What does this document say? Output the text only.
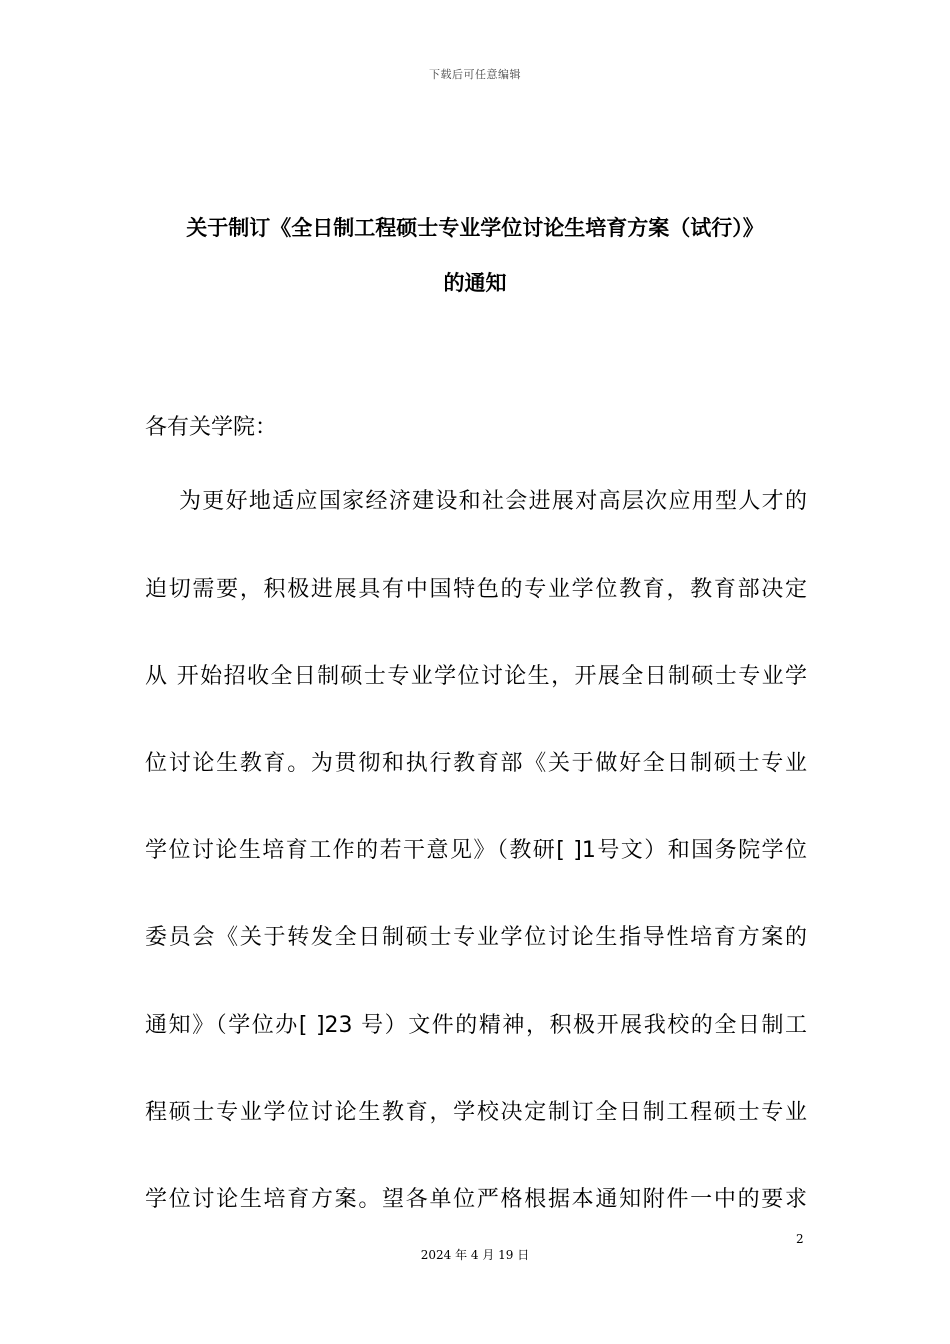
下载后可任意编辑
关于制订《全日制工程硕士专业学位讨论生培育方案（试行）》
的通知
各有关学院：
为更好地适应国家经济建设和社会进展对高层次应用型人才的
迫切需要，积极进展具有中国特色的专业学位教育，教育部决定
从 开始招收全日制硕士专业学位讨论生，开展全日制硕士专业学
位讨论生教育。为贯彻和执行教育部《关于做好全日制硕士专业
学位讨论生培育工作的若干意见》（教研[ ]1号文）和国务院学位
委员会《关于转发全日制硕士专业学位讨论生指导性培育方案的
通知》（学位办[ ]23 号）文件的精神，积极开展我校的全日制工
程硕士专业学位讨论生教育，学校决定制订全日制工程硕士专业
学位讨论生培育方案。望各单位严格根据本通知附件一中的要求
2
2024 年 4 月 19 日
